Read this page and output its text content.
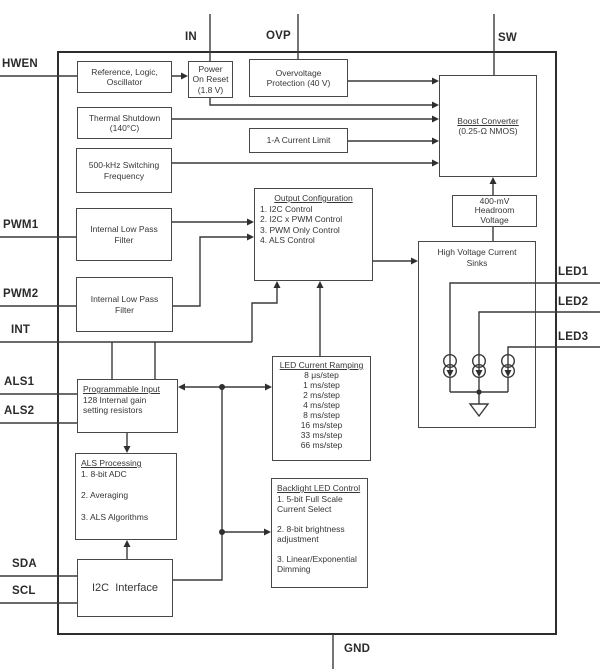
Reference, Logic,
Oscillator
Power
On Reset
(1.8 V)
Overvoltage
Protection (40 V)
Thermal Shutdown
(140°C)
1-A Current Limit
500-kHz Switching
Frequency
Boost Converter
(0.25-Ω NMOS)
400-mV
Headroom
Voltage
High Voltage Current
Sinks
Internal Low Pass
Filter
Internal Low Pass
Filter
Output Configuration
1. I2C Control
2. I2C x PWM Control
3. PWM Only Control
4. ALS Control
LED Current Ramping
8 μs/step
1 ms/step
2 ms/step
4 ms/step
8 ms/step
16 ms/step
33 ms/step
66 ms/step
Programmable Input
128 Internal gain
setting resistors
ALS Processing
1. 8-bit ADC
2. Averaging
3. ALS Algorithms
Backlight LED Control
1. 5-bit Full Scale Current Select
2. 8-bit brightness adjustment
3. Linear/Exponential Dimming
I2C  Interface
HWEN
IN	OVP	SW
PWM1
PWM2
INT
ALS1
ALS2
SDA
SCL
GND
LED1
LED2
LED3
